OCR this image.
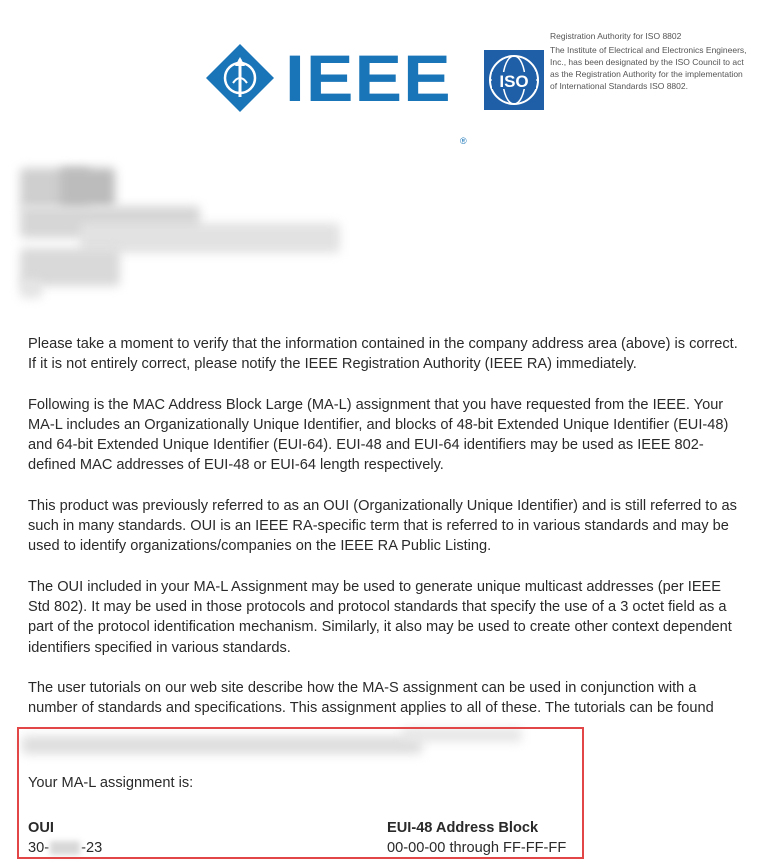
IEEE
®
ISO
Registration Authority for ISO 8802
The Institute of Electrical and Electronics Engineers, Inc., has been designated by the ISO Council to act as the Registration Authority for the implementation of International Standards ISO 8802.

Please take a moment to verify that the information contained in the company address area (above) is correct. If it is not entirely correct, please notify the IEEE Registration Authority (IEEE RA) immediately.

Following is the MAC Address Block Large (MA-L) assignment that you have requested from the IEEE. Your MA-L includes an Organizationally Unique Identifier, and blocks of 48-bit Extended Unique Identifier (EUI-48) and 64-bit Extended Unique Identifier (EUI-64). EUI-48 and EUI-64 identifiers may be used as IEEE 802-defined MAC addresses of EUI-48 or EUI-64 length respectively.

This product was previously referred to as an OUI (Organizationally Unique Identifier) and is still referred to as such in many standards. OUI is an IEEE RA-specific term that is referred to in various standards and may be used to identify organizations/companies on the IEEE RA Public Listing.

The OUI included in your MA-L Assignment may be used to generate unique multicast addresses (per IEEE Std 802). It may be used in those protocols and protocol standards that specify the use of a 3 octet field as a part of the protocol identification mechanism. Similarly, it also may be used to create other context dependent identifiers specified in various standards.

The user tutorials on our web site describe how the MA-S assignment can be used in conjunction with a number of standards and specifications. This assignment applies to all of these. The tutorials can be found

Your MA-L assignment is:
OUI
30- -23
EUI-48 Address Block
00-00-00 through FF-FF-FF
